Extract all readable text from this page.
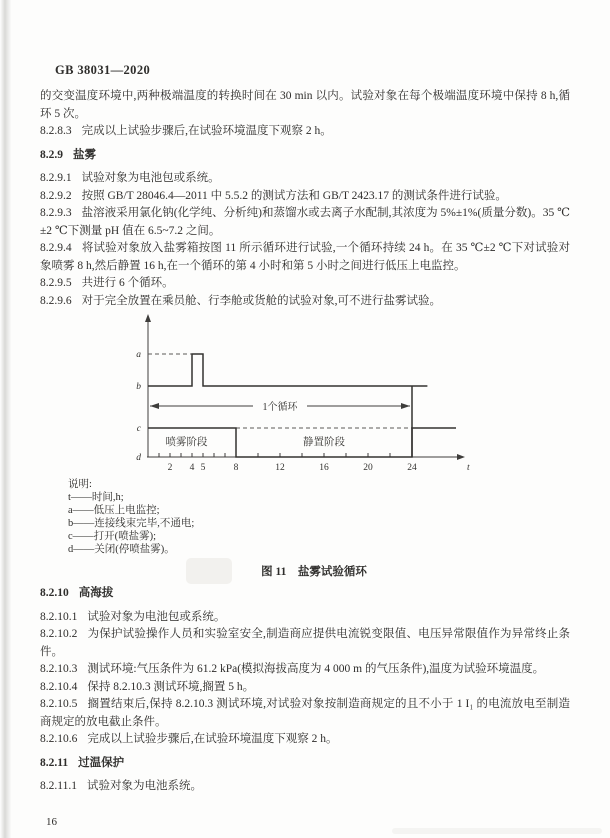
GB 38031—2020

的交变温度环境中,两种极端温度的转换时间在 30 min 以内。试验对象在每个极端温度环境中保持 8 h,循环 5 次。

8.2.8.3 完成以上试验步骤后,在试验环境温度下观察 2 h。

8.2.9 盐雾

8.2.9.1 试验对象为电池包或系统。

8.2.9.2 按照 GB/T 28046.4—2011 中 5.5.2 的测试方法和 GB/T 2423.17 的测试条件进行试验。

8.2.9.3 盐溶液采用氯化钠(化学纯、分析纯)和蒸馏水或去离子水配制,其浓度为 5%±1%(质量分数)。35 ℃±2 ℃下测量 pH 值在 6.5~7.2 之间。

8.2.9.4 将试验对象放入盐雾箱按图 11 所示循环进行试验,一个循环持续 24 h。在 35 ℃±2 ℃下对试验对象喷雾 8 h,然后静置 16 h,在一个循环的第 4 小时和第 5 小时之间进行低压上电监控。

8.2.9.5 共进行 6 个循环。

8.2.9.6 对于完全放置在乘员舱、行李舱或货舱的试验对象,可不进行盐雾试验。

t
2 4 5	8	12	16	20	24
a
b
c
d
1个循环
喷雾阶段	静置阶段
说明:
t——时间,h;
a——低压上电监控;
b——连接线束完毕,不通电;
c——打开(喷盐雾);
d——关闭(停喷盐雾)。
图 11　盐雾试验循环

8.2.10 高海拔

8.2.10.1 试验对象为电池包或系统。

8.2.10.2 为保护试验操作人员和实验室安全,制造商应提供电流锐变限值、电压异常限值作为异常终止条件。

8.2.10.3 测试环境:气压条件为 61.2 kPa(模拟海拔高度为 4 000 m 的气压条件),温度为试验环境温度。

8.2.10.4 保持 8.2.10.3 测试环境,搁置 5 h。

8.2.10.5 搁置结束后,保持 8.2.10.3 测试环境,对试验对象按制造商规定的且不小于 1 I₁ 的电流放电至制造商规定的放电截止条件。

8.2.10.6 完成以上试验步骤后,在试验环境温度下观察 2 h。

8.2.11 过温保护

8.2.11.1 试验对象为电池系统。

16
